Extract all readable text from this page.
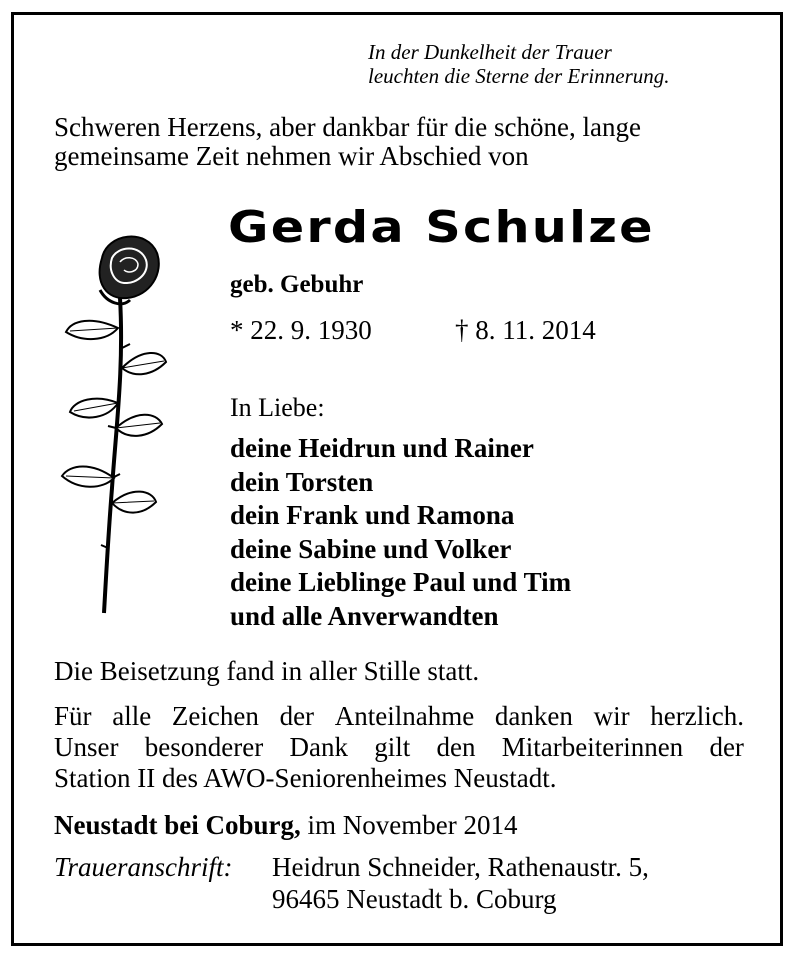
In der Dunkelheit der Trauer
leuchten die Sterne der Erinnerung.
Schweren Herzens, aber dankbar für die schöne, lange
gemeinsame Zeit nehmen wir Abschied von
Gerda Schulze
geb. Gebuhr
* 22. 9. 1930	† 8. 11. 2014
In Liebe:
deine Heidrun und Rainer
dein Torsten
dein Frank und Ramona
deine Sabine und Volker
deine Lieblinge Paul und Tim
und alle Anverwandten
Die Beisetzung fand in aller Stille statt.
Für alle Zeichen der Anteilnahme danken wir herzlich.
Unser besonderer Dank gilt den Mitarbeiterinnen der
Station II des AWO-Seniorenheimes Neustadt.
Neustadt bei Coburg, im November 2014
Traueranschrift: Heidrun Schneider, Rathenaustr. 5,
96465 Neustadt b. Coburg
